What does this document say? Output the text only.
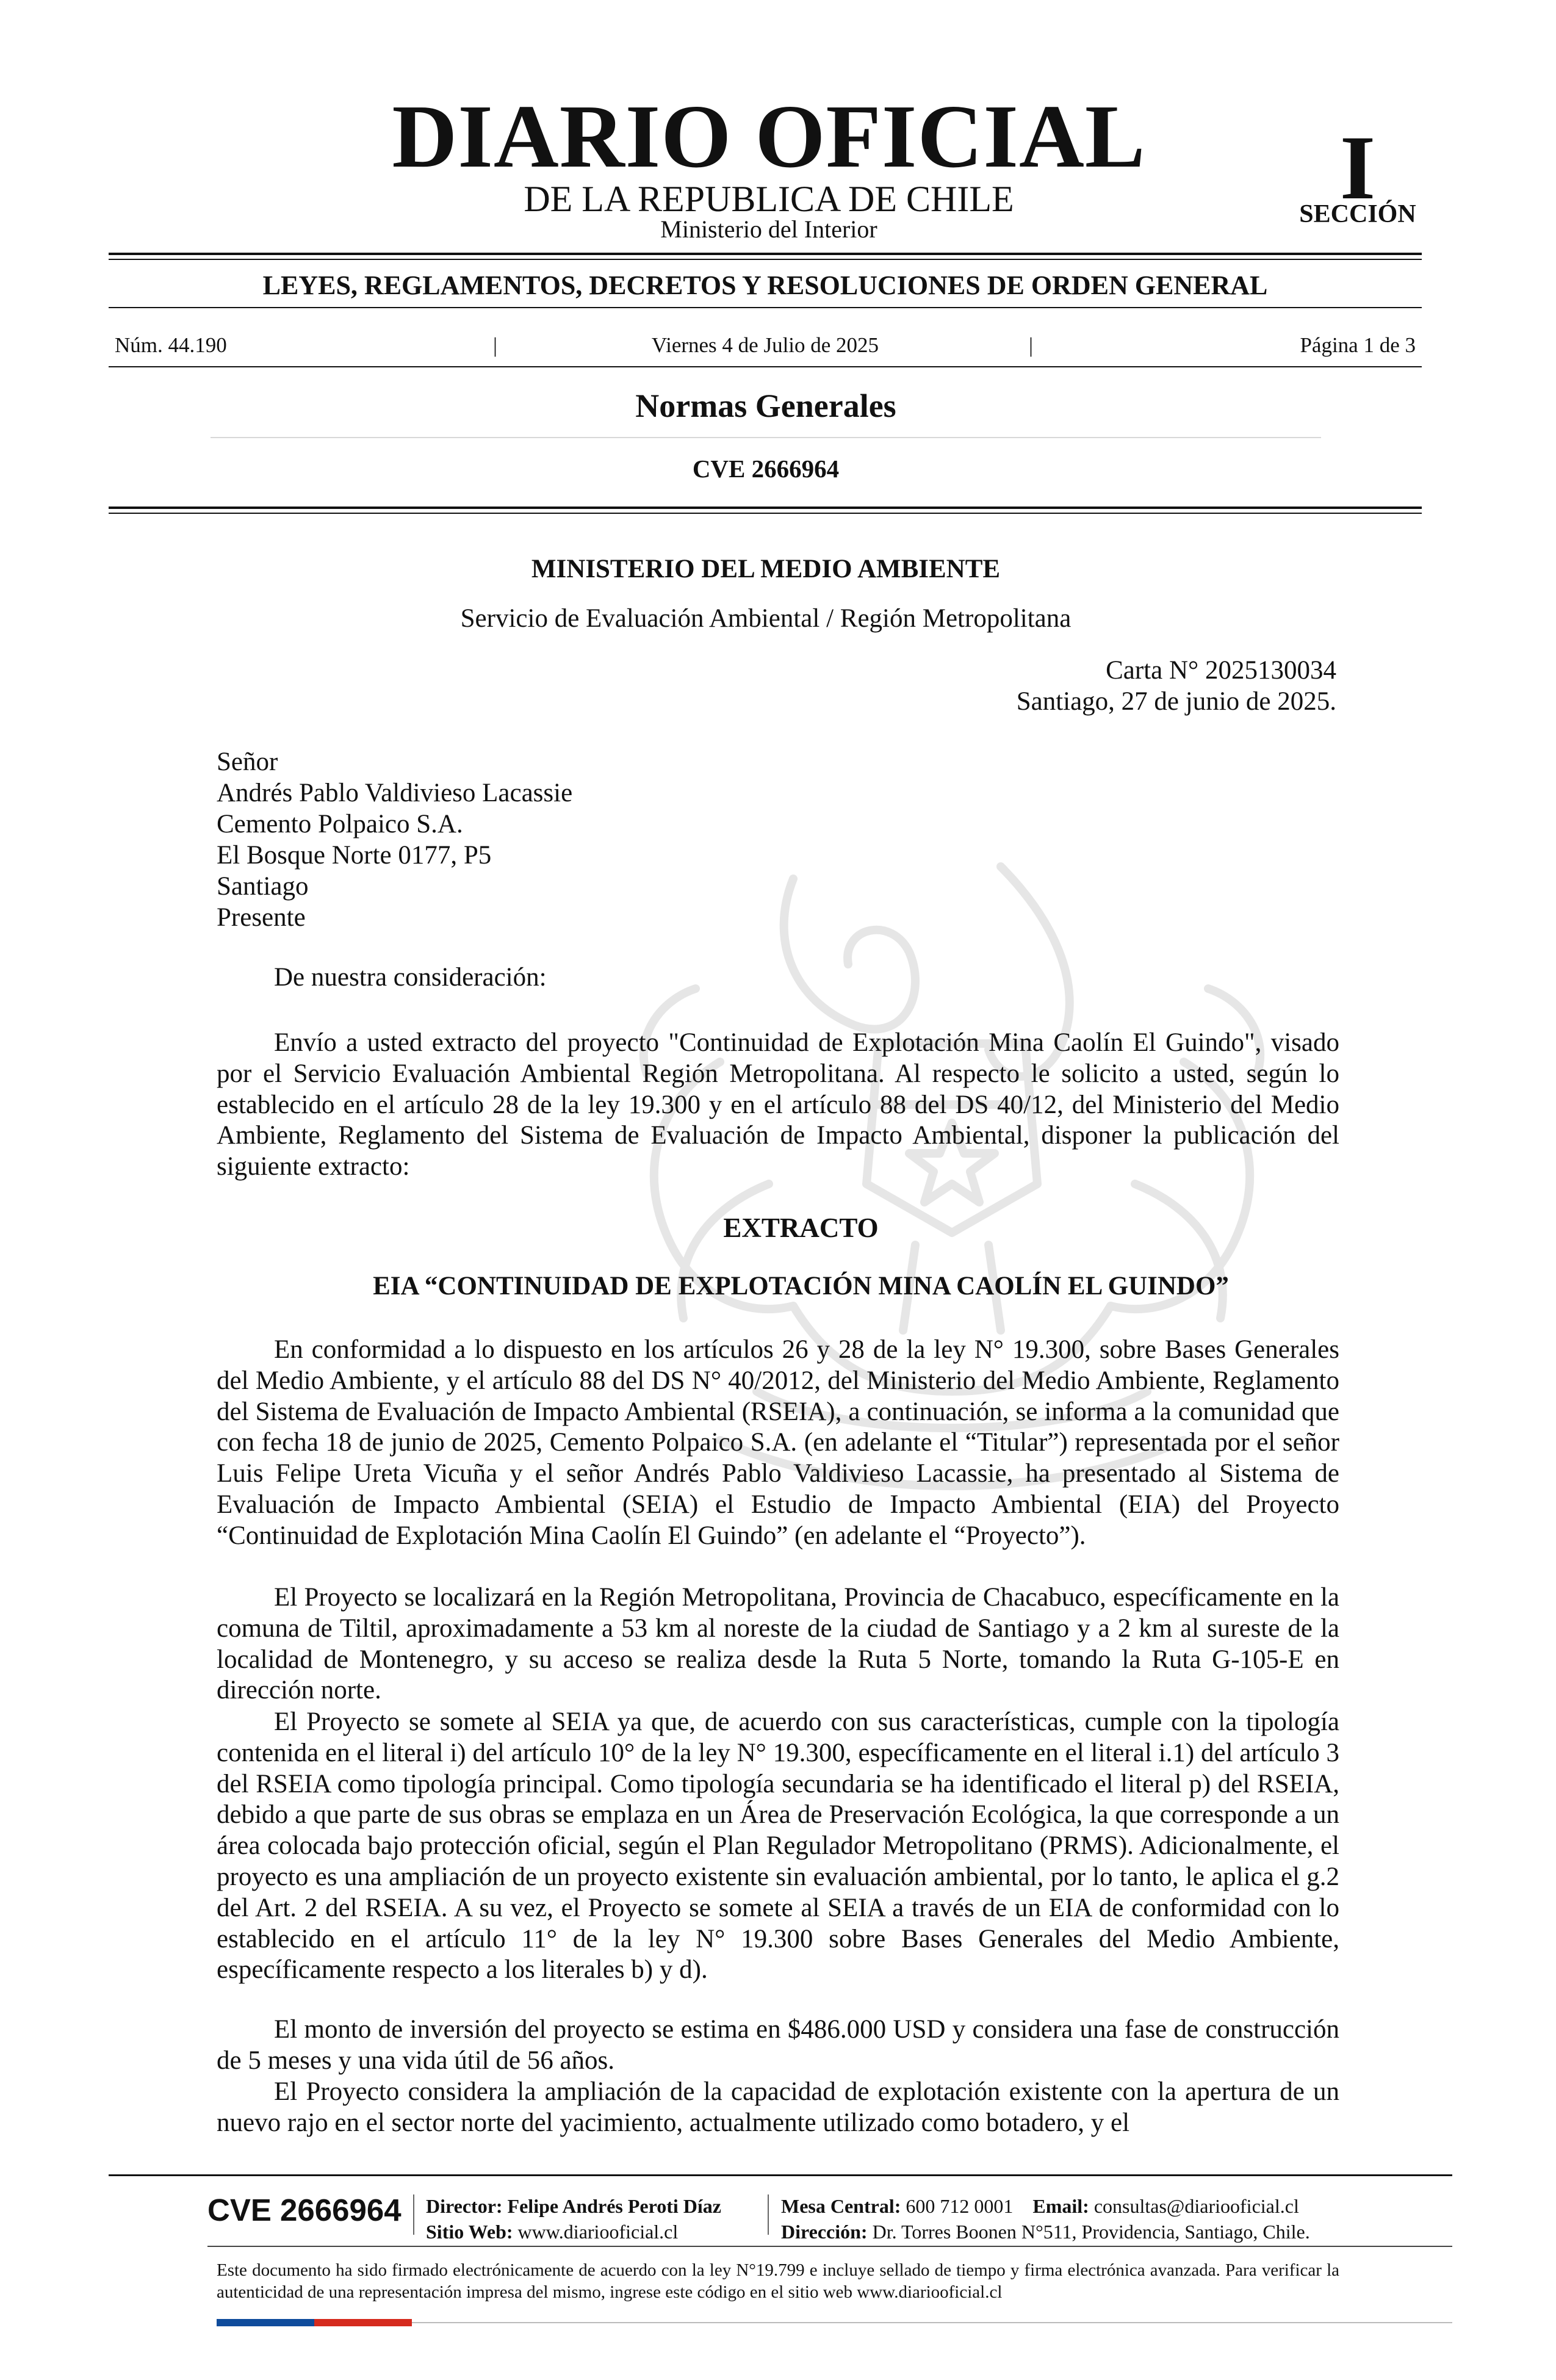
DIARIO OFICIAL
DE LA REPUBLICA DE CHILE
Ministerio del Interior
I
SECCIÓN
LEYES, REGLAMENTOS, DECRETOS Y RESOLUCIONES DE ORDEN GENERAL
Núm. 44.190	|	Viernes 4 de Julio de 2025	|	Página 1 de 3
Normas Generales
CVE 2666964
MINISTERIO DEL MEDIO AMBIENTE
Servicio de Evaluación Ambiental / Región Metropolitana
Carta N° 2025130034
Santiago, 27 de junio de 2025.
Señor
Andrés Pablo Valdivieso Lacassie
Cemento Polpaico S.A.
El Bosque Norte 0177, P5
Santiago
Presente
De nuestra consideración:
Envío a usted extracto del proyecto "Continuidad de Explotación Mina Caolín El Guindo", visado por el Servicio Evaluación Ambiental Región Metropolitana. Al respecto le solicito a usted, según lo establecido en el artículo 28 de la ley 19.300 y en el artículo 88 del DS 40/12, del Ministerio del Medio Ambiente, Reglamento del Sistema de Evaluación de Impacto Ambiental, disponer la publicación del siguiente extracto:
EXTRACTO
EIA “CONTINUIDAD DE EXPLOTACIÓN MINA CAOLÍN EL GUINDO”
En conformidad a lo dispuesto en los artículos 26 y 28 de la ley N° 19.300, sobre Bases Generales del Medio Ambiente, y el artículo 88 del DS N° 40/2012, del Ministerio del Medio Ambiente, Reglamento del Sistema de Evaluación de Impacto Ambiental (RSEIA), a continuación, se informa a la comunidad que con fecha 18 de junio de 2025, Cemento Polpaico S.A. (en adelante el “Titular”) representada por el señor Luis Felipe Ureta Vicuña y el señor Andrés Pablo Valdivieso Lacassie, ha presentado al Sistema de Evaluación de Impacto Ambiental (SEIA) el Estudio de Impacto Ambiental (EIA) del Proyecto “Continuidad de Explotación Mina Caolín El Guindo” (en adelante el “Proyecto”).
El Proyecto se localizará en la Región Metropolitana, Provincia de Chacabuco, específicamente en la comuna de Tiltil, aproximadamente a 53 km al noreste de la ciudad de Santiago y a 2 km al sureste de la localidad de Montenegro, y su acceso se realiza desde la Ruta 5 Norte, tomando la Ruta G-105-E en dirección norte.
El Proyecto se somete al SEIA ya que, de acuerdo con sus características, cumple con la tipología contenida en el literal i) del artículo 10° de la ley N° 19.300, específicamente en el literal i.1) del artículo 3 del RSEIA como tipología principal. Como tipología secundaria se ha identificado el literal p) del RSEIA, debido a que parte de sus obras se emplaza en un Área de Preservación Ecológica, la que corresponde a un área colocada bajo protección oficial, según el Plan Regulador Metropolitano (PRMS). Adicionalmente, el proyecto es una ampliación de un proyecto existente sin evaluación ambiental, por lo tanto, le aplica el g.2 del Art. 2 del RSEIA. A su vez, el Proyecto se somete al SEIA a través de un EIA de conformidad con lo establecido en el artículo 11° de la ley N° 19.300 sobre Bases Generales del Medio Ambiente, específicamente respecto a los literales b) y d).
El monto de inversión del proyecto se estima en $486.000 USD y considera una fase de construcción de 5 meses y una vida útil de 56 años.
El Proyecto considera la ampliación de la capacidad de explotación existente con la apertura de un nuevo rajo en el sector norte del yacimiento, actualmente utilizado como botadero, y el
CVE 2666964 Director: Felipe Andrés Peroti Díaz
Sitio Web: www.diariooficial.cl
Mesa Central: 600 712 0001 Email: consultas@diariooficial.cl
Dirección: Dr. Torres Boonen N°511, Providencia, Santiago, Chile.
Este documento ha sido firmado electrónicamente de acuerdo con la ley N°19.799 e incluye sellado de tiempo y firma electrónica avanzada. Para verificar la autenticidad de una representación impresa del mismo, ingrese este código en el sitio web www.diariooficial.cl
